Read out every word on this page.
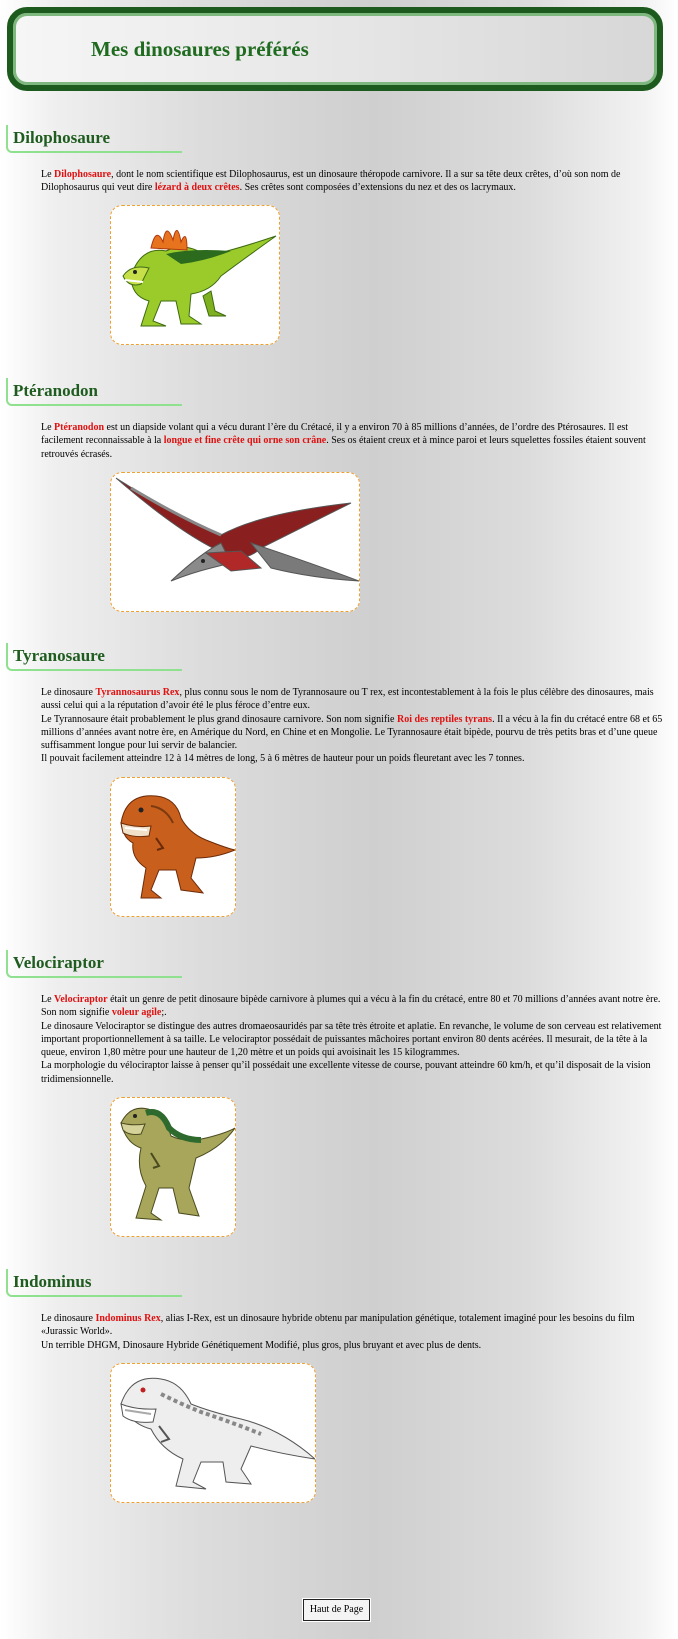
Mes dinosaures préférés
Dilophosaure
Le Dilophosaure, dont le nom scientifique est Dilophosaurus, est un dinosaure théropode carnivore. Il a sur sa tête deux crêtes, d’où son nom de Dilophosaurus qui veut dire lézard à deux crêtes. Ses crêtes sont composées d’extensions du nez et des os lacrymaux.
Ptéranodon
Le Ptéranodon est un diapside volant qui a vécu durant l’ère du Crétacé, il y a environ 70 à 85 millions d’années, de l’ordre des Ptérosaures. Il est facilement reconnaissable à la longue et fine crête qui orne son crâne. Ses os étaient creux et à mince paroi et leurs squelettes fossiles étaient souvent retrouvés écrasés.
Tyranosaure
Le dinosaure Tyrannosaurus Rex, plus connu sous le nom de Tyrannosaure ou T rex, est incontestablement à la fois le plus célèbre des dinosaures, mais aussi celui qui a la réputation d’avoir été le plus féroce d’entre eux.
Le Tyrannosaure était probablement le plus grand dinosaure carnivore. Son nom signifie Roi des reptiles tyrans. Il a vécu à la fin du crétacé entre 68 et 65 millions d’années avant notre ère, en Amérique du Nord, en Chine et en Mongolie. Le Tyrannosaure était bipède, pourvu de très petits bras et d’une queue suffisamment longue pour lui servir de balancier.
Il pouvait facilement atteindre 12 à 14 mètres de long, 5 à 6 mètres de hauteur pour un poids fleuretant avec les 7 tonnes.
Velociraptor
Le Velociraptor était un genre de petit dinosaure bipède carnivore à plumes qui a vécu à la fin du crétacé, entre 80 et 70 millions d’années avant notre ère. Son nom signifie voleur agile;.
Le dinosaure Velociraptor se distingue des autres dromaeosauridés par sa tête très étroite et aplatie. En revanche, le volume de son cerveau est relativement important proportionnellement à sa taille. Le velociraptor possédait de puissantes mâchoires portant environ 80 dents acérées. Il mesurait, de la tête à la queue, environ 1,80 mètre pour une hauteur de 1,20 mètre et un poids qui avoisinait les 15 kilogrammes.
La morphologie du vélociraptor laisse à penser qu’il possédait une excellente vitesse de course, pouvant atteindre 60 km/h, et qu’il disposait de la vision tridimensionnelle.
Indominus
Le dinosaure Indominus Rex, alias I-Rex, est un dinosaure hybride obtenu par manipulation génétique, totalement imaginé pour les besoins du film «Jurassic World».
Un terrible DHGM, Dinosaure Hybride Génétiquement Modifié, plus gros, plus bruyant et avec plus de dents.
Haut de Page
